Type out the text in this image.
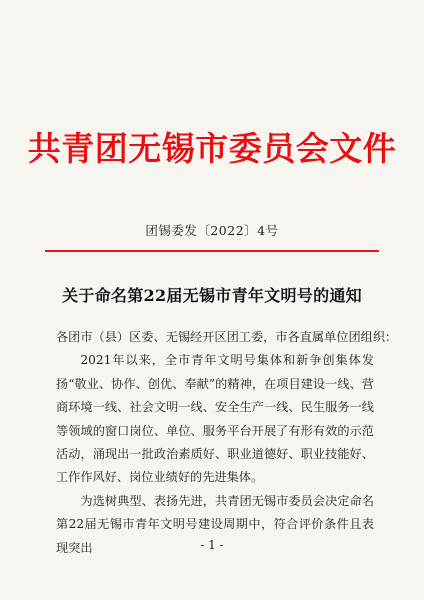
共青团无锡市委员会文件
团锡委发〔2022〕4号
关于命名第22届无锡市青年文明号的通知

各团市（县）区委、无锡经开区团工委，市各直属单位团组织：

2021年以来，全市青年文明号集体和新争创集体发扬“敬业、协作、创优、奉献”的精神，在项目建设一线、营商环境一线、社会文明一线、安全生产一线、民生服务一线等领域的窗口岗位、单位、服务平台开展了有形有效的示范活动，涌现出一批政治素质好、职业道德好、职业技能好、工作作风好、岗位业绩好的先进集体。

为选树典型、表扬先进，共青团无锡市委员会决定命名第22届无锡市青年文明号建设周期中，符合评价条件且表现突出	- 1 -
